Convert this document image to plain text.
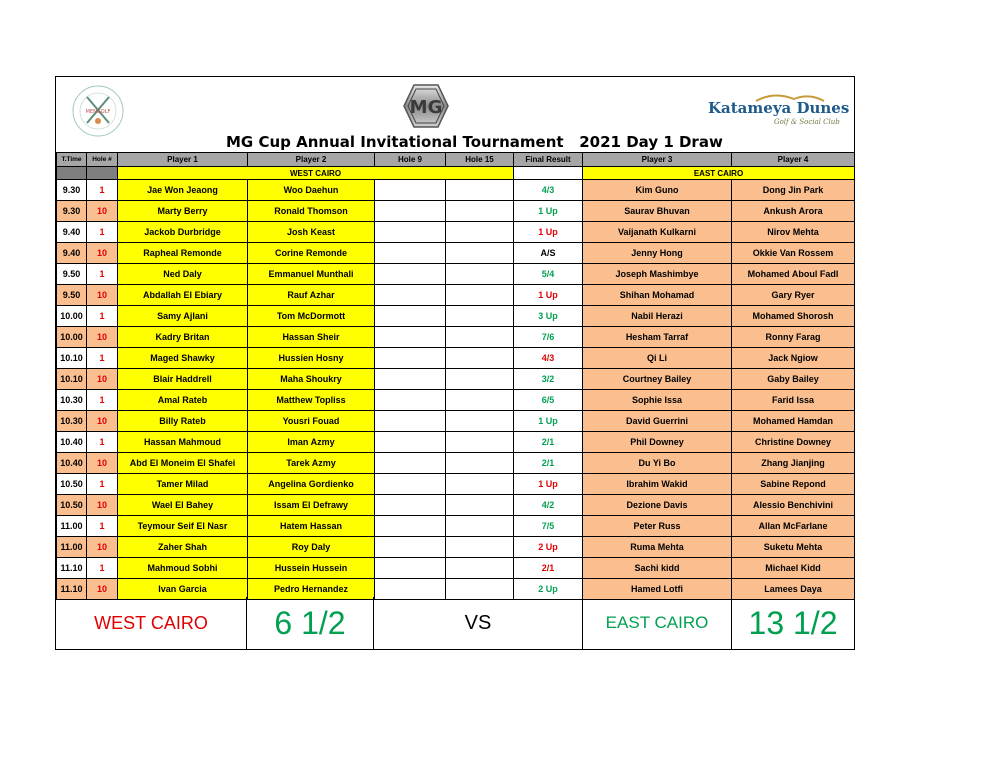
MENGOLF	MG	Katameya Dunes
Golf & Social Club
MG Cup Annual Invitational Tournament   2021 Day 1 Draw
T.Time	Hole #	Player 1	Player 2	Hole 9	Hole 15	Final Result	Player 3	Player 4
		WEST CAIRO					EAST CAIRO	
9.30	1	Jae Won Jeaong	Woo Daehun			4/3	Kim Guno	Dong Jin Park
9.30	10	Marty Berry	Ronald Thomson			1 Up	Saurav Bhuvan	Ankush Arora
9.40	1	Jackob Durbridge	Josh Keast			1 Up	Vaijanath Kulkarni	Nirov Mehta
9.40	10	Rapheal Remonde	Corine Remonde			A/S	Jenny Hong	Okkie Van Rossem
9.50	1	Ned Daly	Emmanuel Munthali			5/4	Joseph Mashimbye	Mohamed Aboul Fadl
9.50	10	Abdallah El Ebiary	Rauf Azhar			1 Up	Shihan Mohamad	Gary Ryer
10.00	1	Samy Ajlani	Tom McDormott			3 Up	Nabil Herazi	Mohamed Shorosh
10.00	10	Kadry Britan	Hassan Sheir			7/6	Hesham Tarraf	Ronny Farag
10.10	1	Maged Shawky	Hussien Hosny			4/3	Qi Li	Jack Ngiow
10.10	10	Blair Haddrell	Maha Shoukry			3/2	Courtney Bailey	Gaby Bailey
10.30	1	Amal Rateb	Matthew Topliss			6/5	Sophie Issa	Farid Issa
10.30	10	Billy Rateb	Yousri Fouad			1 Up	David Guerrini	Mohamed Hamdan
10.40	1	Hassan Mahmoud	Iman Azmy			2/1	Phil Downey	Christine Downey
10.40	10	Abd El Moneim El Shafei	Tarek Azmy			2/1	Du Yi Bo	Zhang Jianjing
10.50	1	Tamer Milad	Angelina Gordienko			1 Up	Ibrahim Wakid	Sabine Repond
10.50	10	Wael El Bahey	Issam El Defrawy			4/2	Dezione Davis	Alessio Benchivini
11.00	1	Teymour Seif El Nasr	Hatem Hassan			7/5	Peter Russ	Allan McFarlane
11.00	10	Zaher Shah	Roy Daly			2 Up	Ruma Mehta	Suketu Mehta
11.10	1	Mahmoud Sobhi	Hussein Hussein			2/1	Sachi kidd	Michael Kidd
11.10	10	Ivan Garcia	Pedro Hernandez			2 Up	Hamed Lotfi	Lamees Daya
WEST CAIRO	6 1/2	VS	EAST CAIRO	13 1/2
